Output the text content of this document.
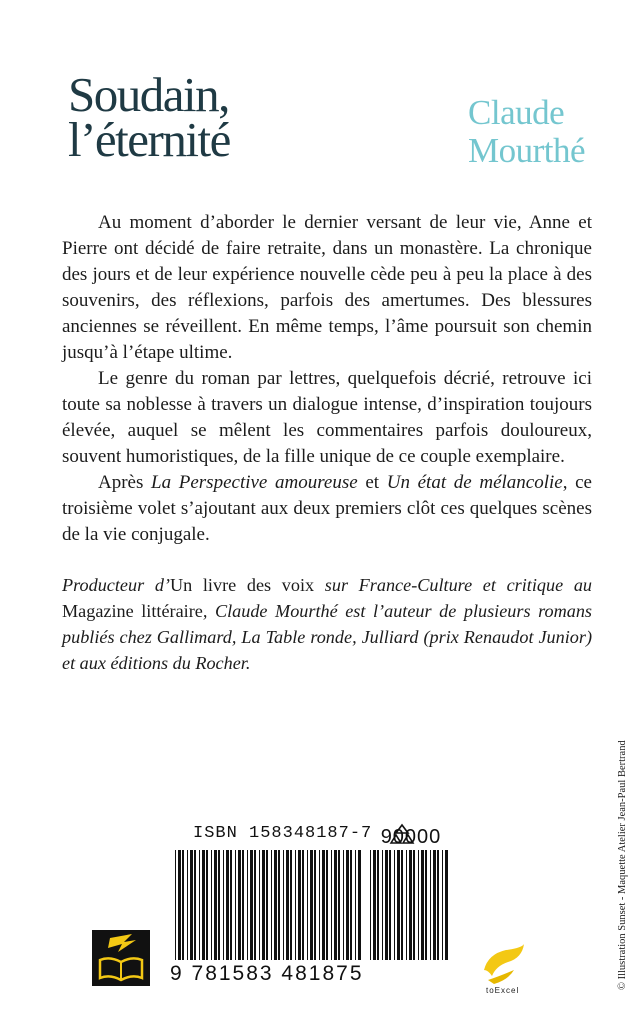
Soudain,
l’éternité	Claude
Mourthé

Au moment d’aborder le dernier versant de leur vie, Anne et Pierre ont décidé de faire retraite, dans un monastère. La chronique des jours et de leur expérience nouvelle cède peu à peu la place à des souvenirs, des réflexions, parfois des amertumes. Des blessures anciennes se réveillent. En même temps, l’âme poursuit son chemin jusqu’à l’étape ultime.

Le genre du roman par lettres, quelquefois décrié, retrouve ici toute sa noblesse à travers un dialogue intense, d’inspiration toujours élevée, auquel se mêlent les commentaires parfois douloureux, souvent humoristiques, de la fille unique de ce couple exemplaire.

Après La Perspective amoureuse et Un état de mélancolie, ce troisième volet s’ajoutant aux deux premiers clôt ces quelques scènes de la vie conjugale.

Producteur d’Un livre des voix sur France-Culture et critique au Magazine littéraire, Claude Mourthé est l’auteur de plusieurs romans publiés chez Gallimard, La Table ronde, Julliard (prix Renaudot Junior) et aux éditions du Rocher.
© Illustration Sunset - Maquette Atelier Jean-Paul Bertrand
ISBN 158348187-7 90000
9 781583 481875
toExcel
